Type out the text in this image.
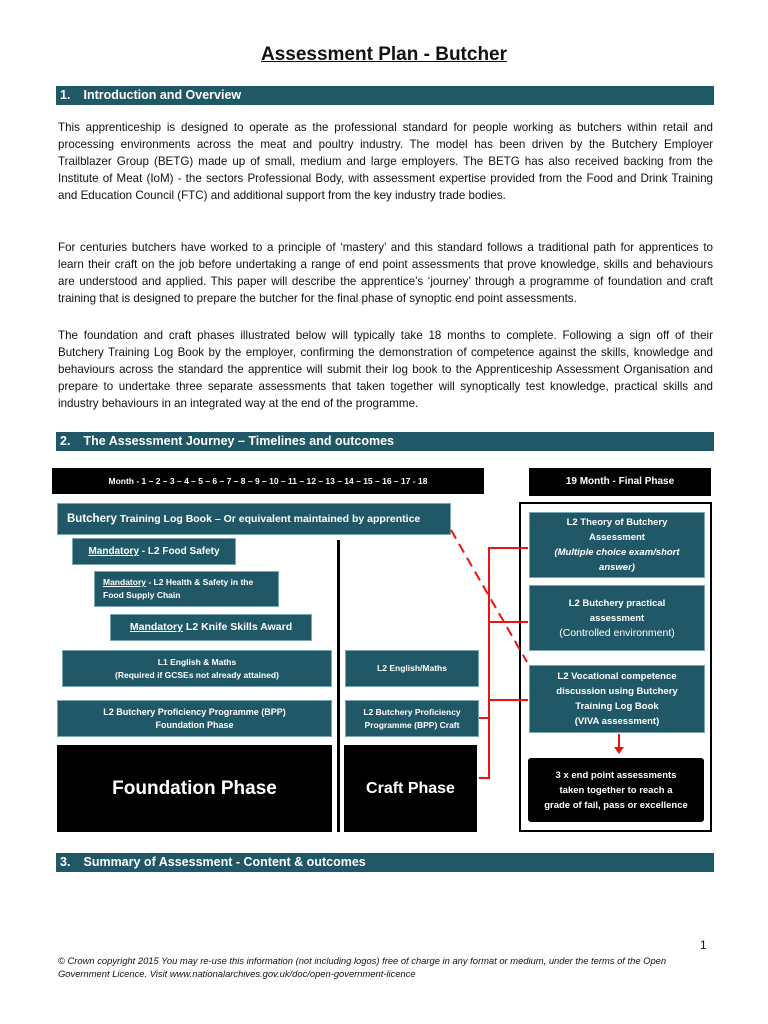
Assessment Plan - Butcher
1. Introduction and Overview

This apprenticeship is designed to operate as the professional standard for people working as butchers within retail and processing environments across the meat and poultry industry. The model has been driven by the Butchery Employer Trailblazer Group (BETG) made up of small, medium and large employers. The BETG has also received backing from the Institute of Meat (IoM) - the sectors Professional Body, with assessment expertise provided from the Food and Drink Training and Education Council (FTC) and additional support from the key industry trade bodies.

For centuries butchers have worked to a principle of ‘mastery’ and this standard follows a traditional path for apprentices to learn their craft on the job before undertaking a range of end point assessments that prove knowledge, skills and behaviours are understood and applied. This paper will describe the apprentice’s ‘journey’ through a programme of foundation and craft training that is designed to prepare the butcher for the final phase of synoptic end point assessments.

The foundation and craft phases illustrated below will typically take 18 months to complete. Following a sign off of their Butchery Training Log Book by the employer, confirming the demonstration of competence against the skills, knowledge and behaviours across the standard the apprentice will submit their log book to the Apprenticeship Assessment Organisation and prepare to undertake three separate assessments that taken together will synoptically test knowledge, practical skills and industry behaviours in an integrated way at the end of the programme.

2. The Assessment Journey – Timelines and outcomes
Month - 1 – 2 – 3 – 4 – 5 – 6 – 7 – 8 – 9 – 10 – 11 – 12 – 13 – 14 – 15 – 16 – 17 - 18	19 Month - Final Phase
Butchery Training Log Book – Or equivalent maintained by apprentice
Mandatory - L2 Food Safety
Mandatory - L2 Health & Safety in the
Food Supply Chain
Mandatory L2 Knife Skills Award
L1 English & Maths
(Required if GCSEs not already attained)
L2 English/Maths
L2 Butchery Proficiency Programme (BPP)
Foundation Phase
L2 Butchery Proficiency
Programme (BPP) Craft
Foundation Phase	Craft Phase
L2 Theory of Butchery
Assessment
(Multiple choice exam/short
answer)
L2 Butchery practical
assessment
(Controlled environment)
L2 Vocational competence
discussion using Butchery
Training Log Book
(VIVA assessment)
3 x end point assessments
taken together to reach a
grade of fail, pass or excellence
3. Summary of Assessment - Content & outcomes
1
© Crown copyright 2015 You may re-use this information (not including logos) free of charge in any format or medium, under the terms of the Open Government Licence. Visit www.nationalarchives.gov.uk/doc/open-government-licence
